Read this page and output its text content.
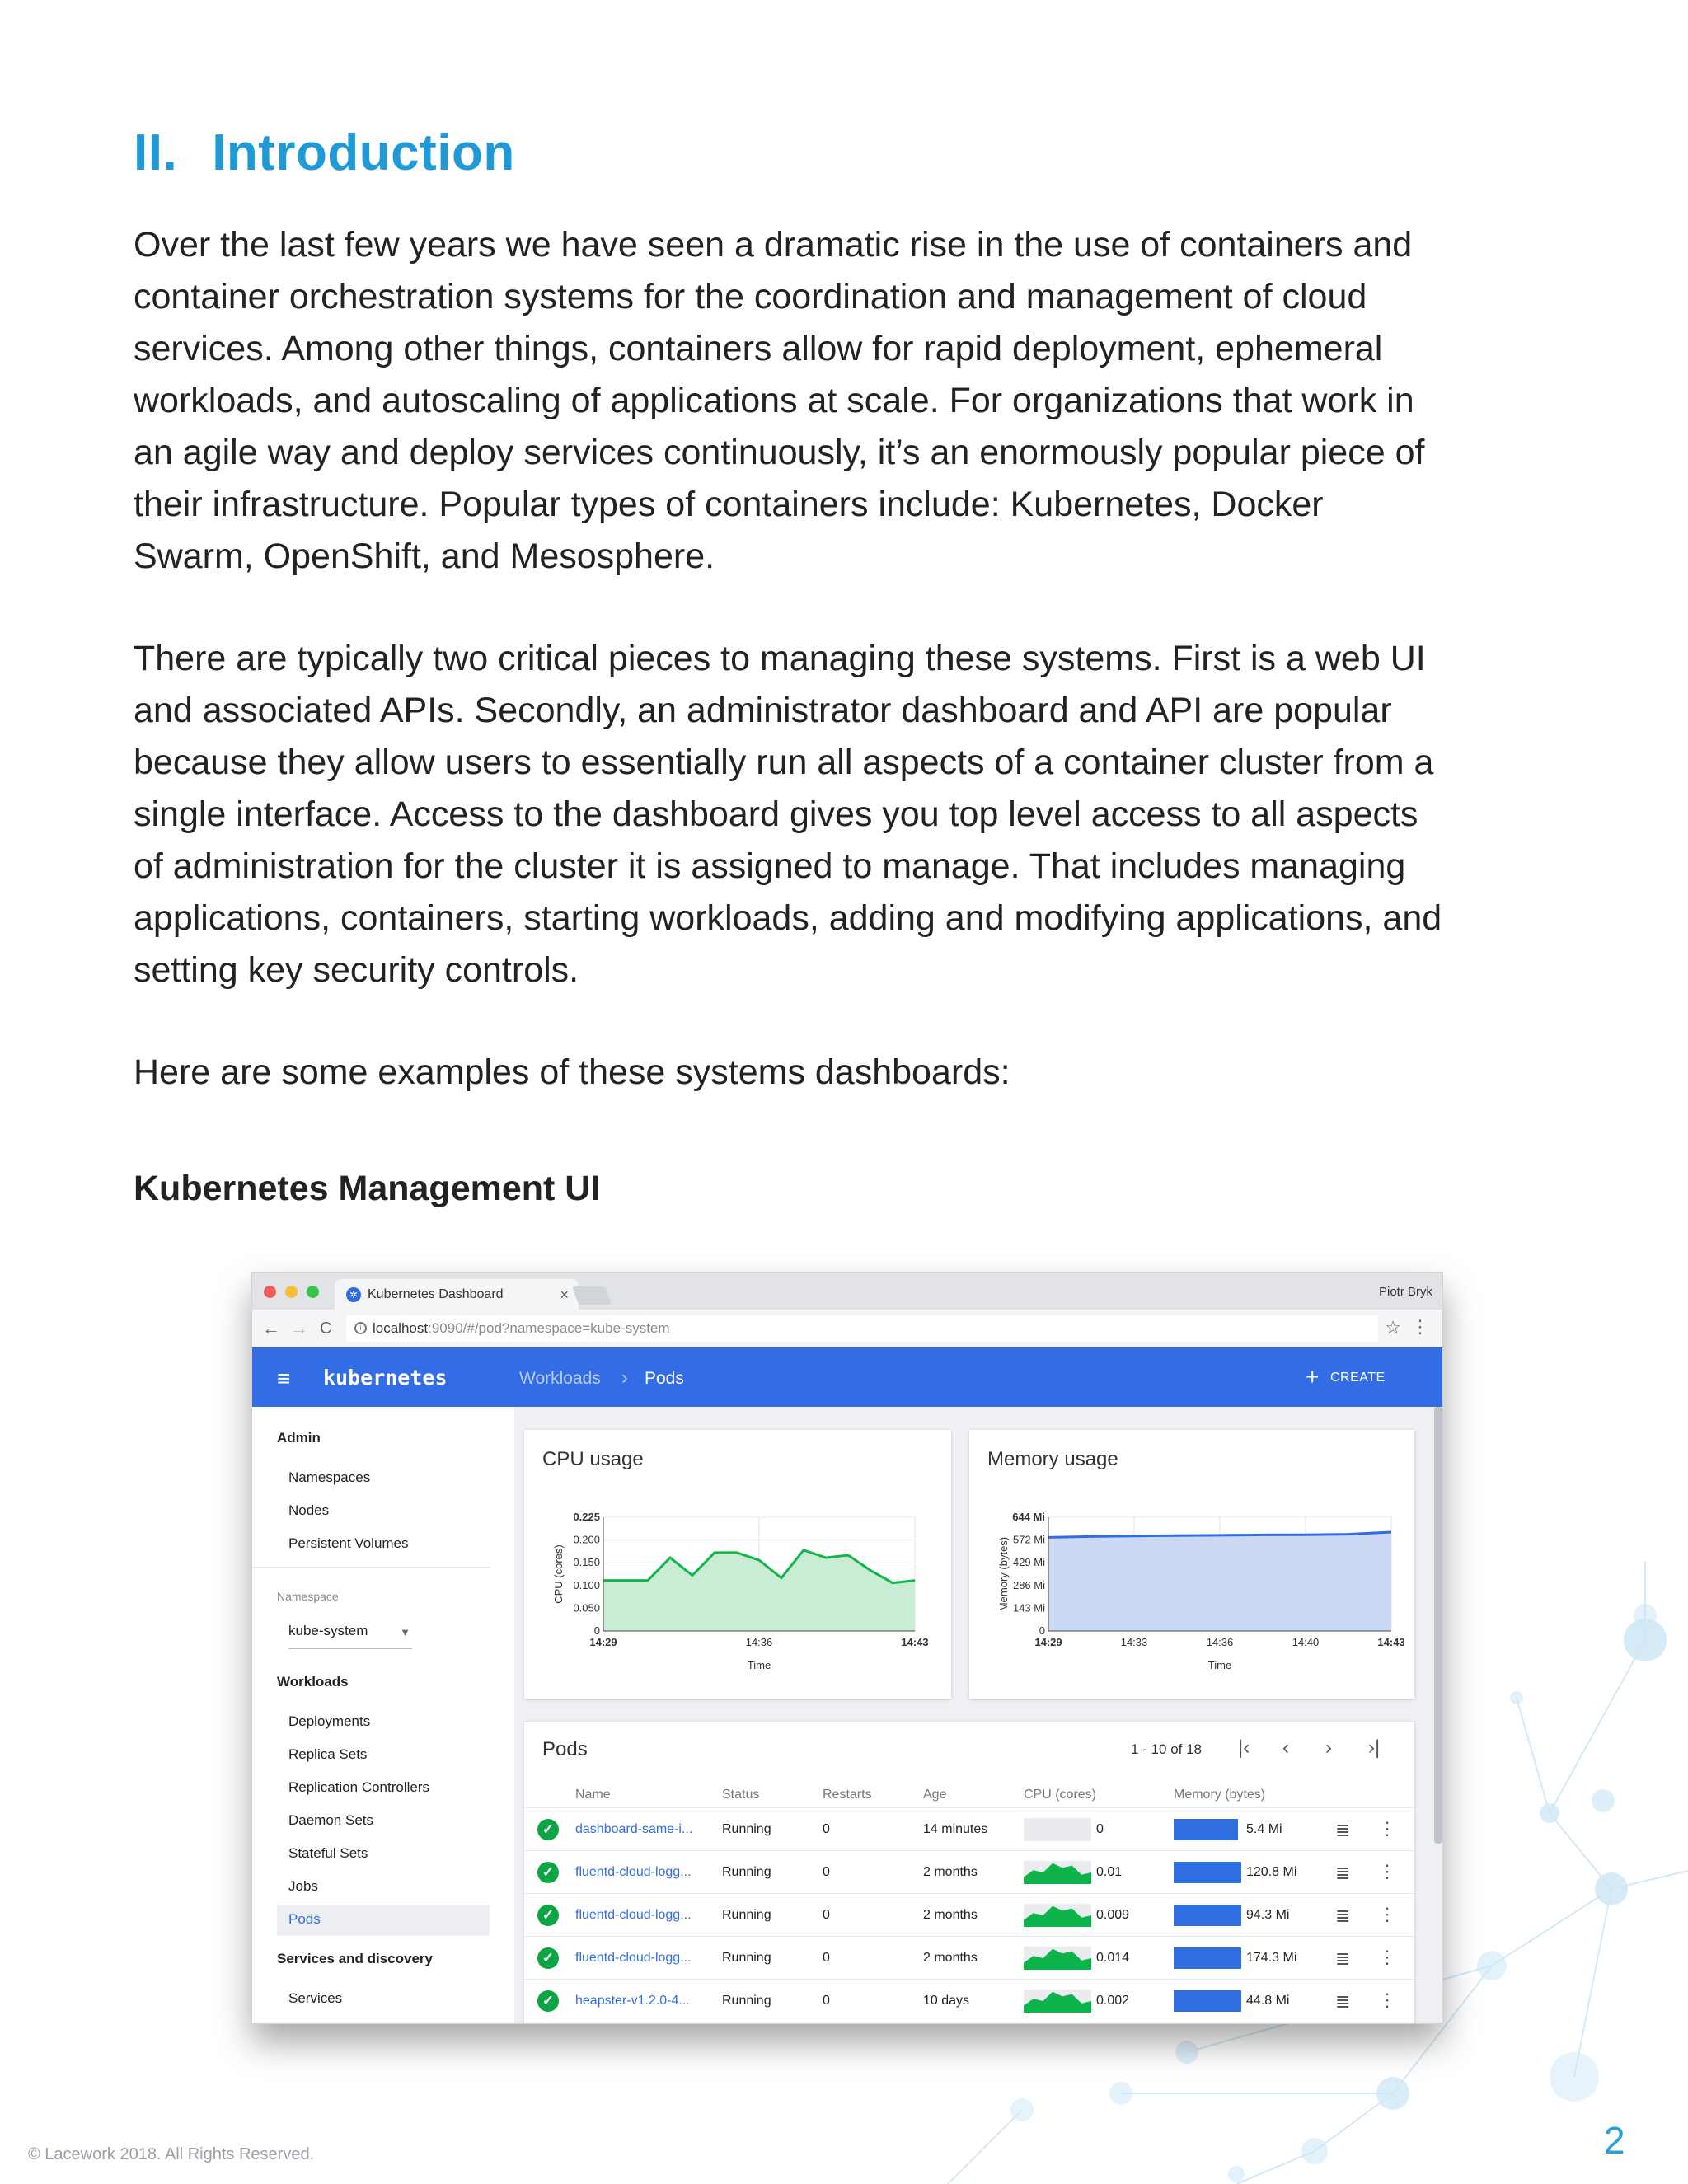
II. Introduction

Over the last few years we have seen a dramatic rise in the use of containers and container orchestration systems for the coordination and management of cloud services. Among other things, containers allow for rapid deployment, ephemeral workloads, and autoscaling of applications at scale. For organizations that work in an agile way and deploy services continuously, it’s an enormously popular piece of their infrastructure. Popular types of containers include: Kubernetes, Docker Swarm, OpenShift, and Mesosphere.

There are typically two critical pieces to managing these systems. First is a web UI and associated APIs. Secondly, an administrator dashboard and API are popular because they allow users to essentially run all aspects of a container cluster from a single interface. Access to the dashboard gives you top level access to all aspects of administration for the cluster it is assigned to manage. That includes managing applications, containers, starting workloads, adding and modifying applications, and setting key security controls.

Here are some examples of these systems dashboards:

Kubernetes Management UI
✲ Kubernetes Dashboard	×	Piotr Bryk
← → C	i localhost:9090/#/pod?namespace=kube-system	☆ ⋮
≡ kubernetes	Workloads › Pods	+ CREATE
Admin
Namespaces
Nodes
Persistent Volumes
Namespace
kube-system	▼
Workloads
Deployments
Replica Sets
Replication Controllers
Daemon Sets
Stateful Sets
Jobs
Pods
Services and discovery
Services
CPU usage
0
0.050
0.100
0.150
0.200
0.225
14:29	14:36	14:43
Time
CPU (cores)
Memory usage
0
143 Mi
286 Mi
429 Mi
572 Mi
644 Mi
14:29	14:33	14:36	14:40	14:43
Time
Memory (bytes)
Pods	1 - 10 of 18 |‹ ‹ › ›|
Name	Status	Restarts	Age	CPU (cores)	Memory (bytes)
✓	dashboard-same-i... Running	0	14 minutes	0	5.4 Mi	≣ ⋮
✓	fluentd-cloud-logg... Running	0	2 months	0.01	120.8 Mi ≣ ⋮
✓	fluentd-cloud-logg... Running	0	2 months	0.009	94.3 Mi	≣ ⋮
✓	fluentd-cloud-logg... Running	0	2 months	0.014	174.3 Mi ≣ ⋮
✓	heapster-v1.2.0-4... Running	0	10 days	0.002	44.8 Mi	≣ ⋮
© Lacework 2018. All Rights Reserved.	2
